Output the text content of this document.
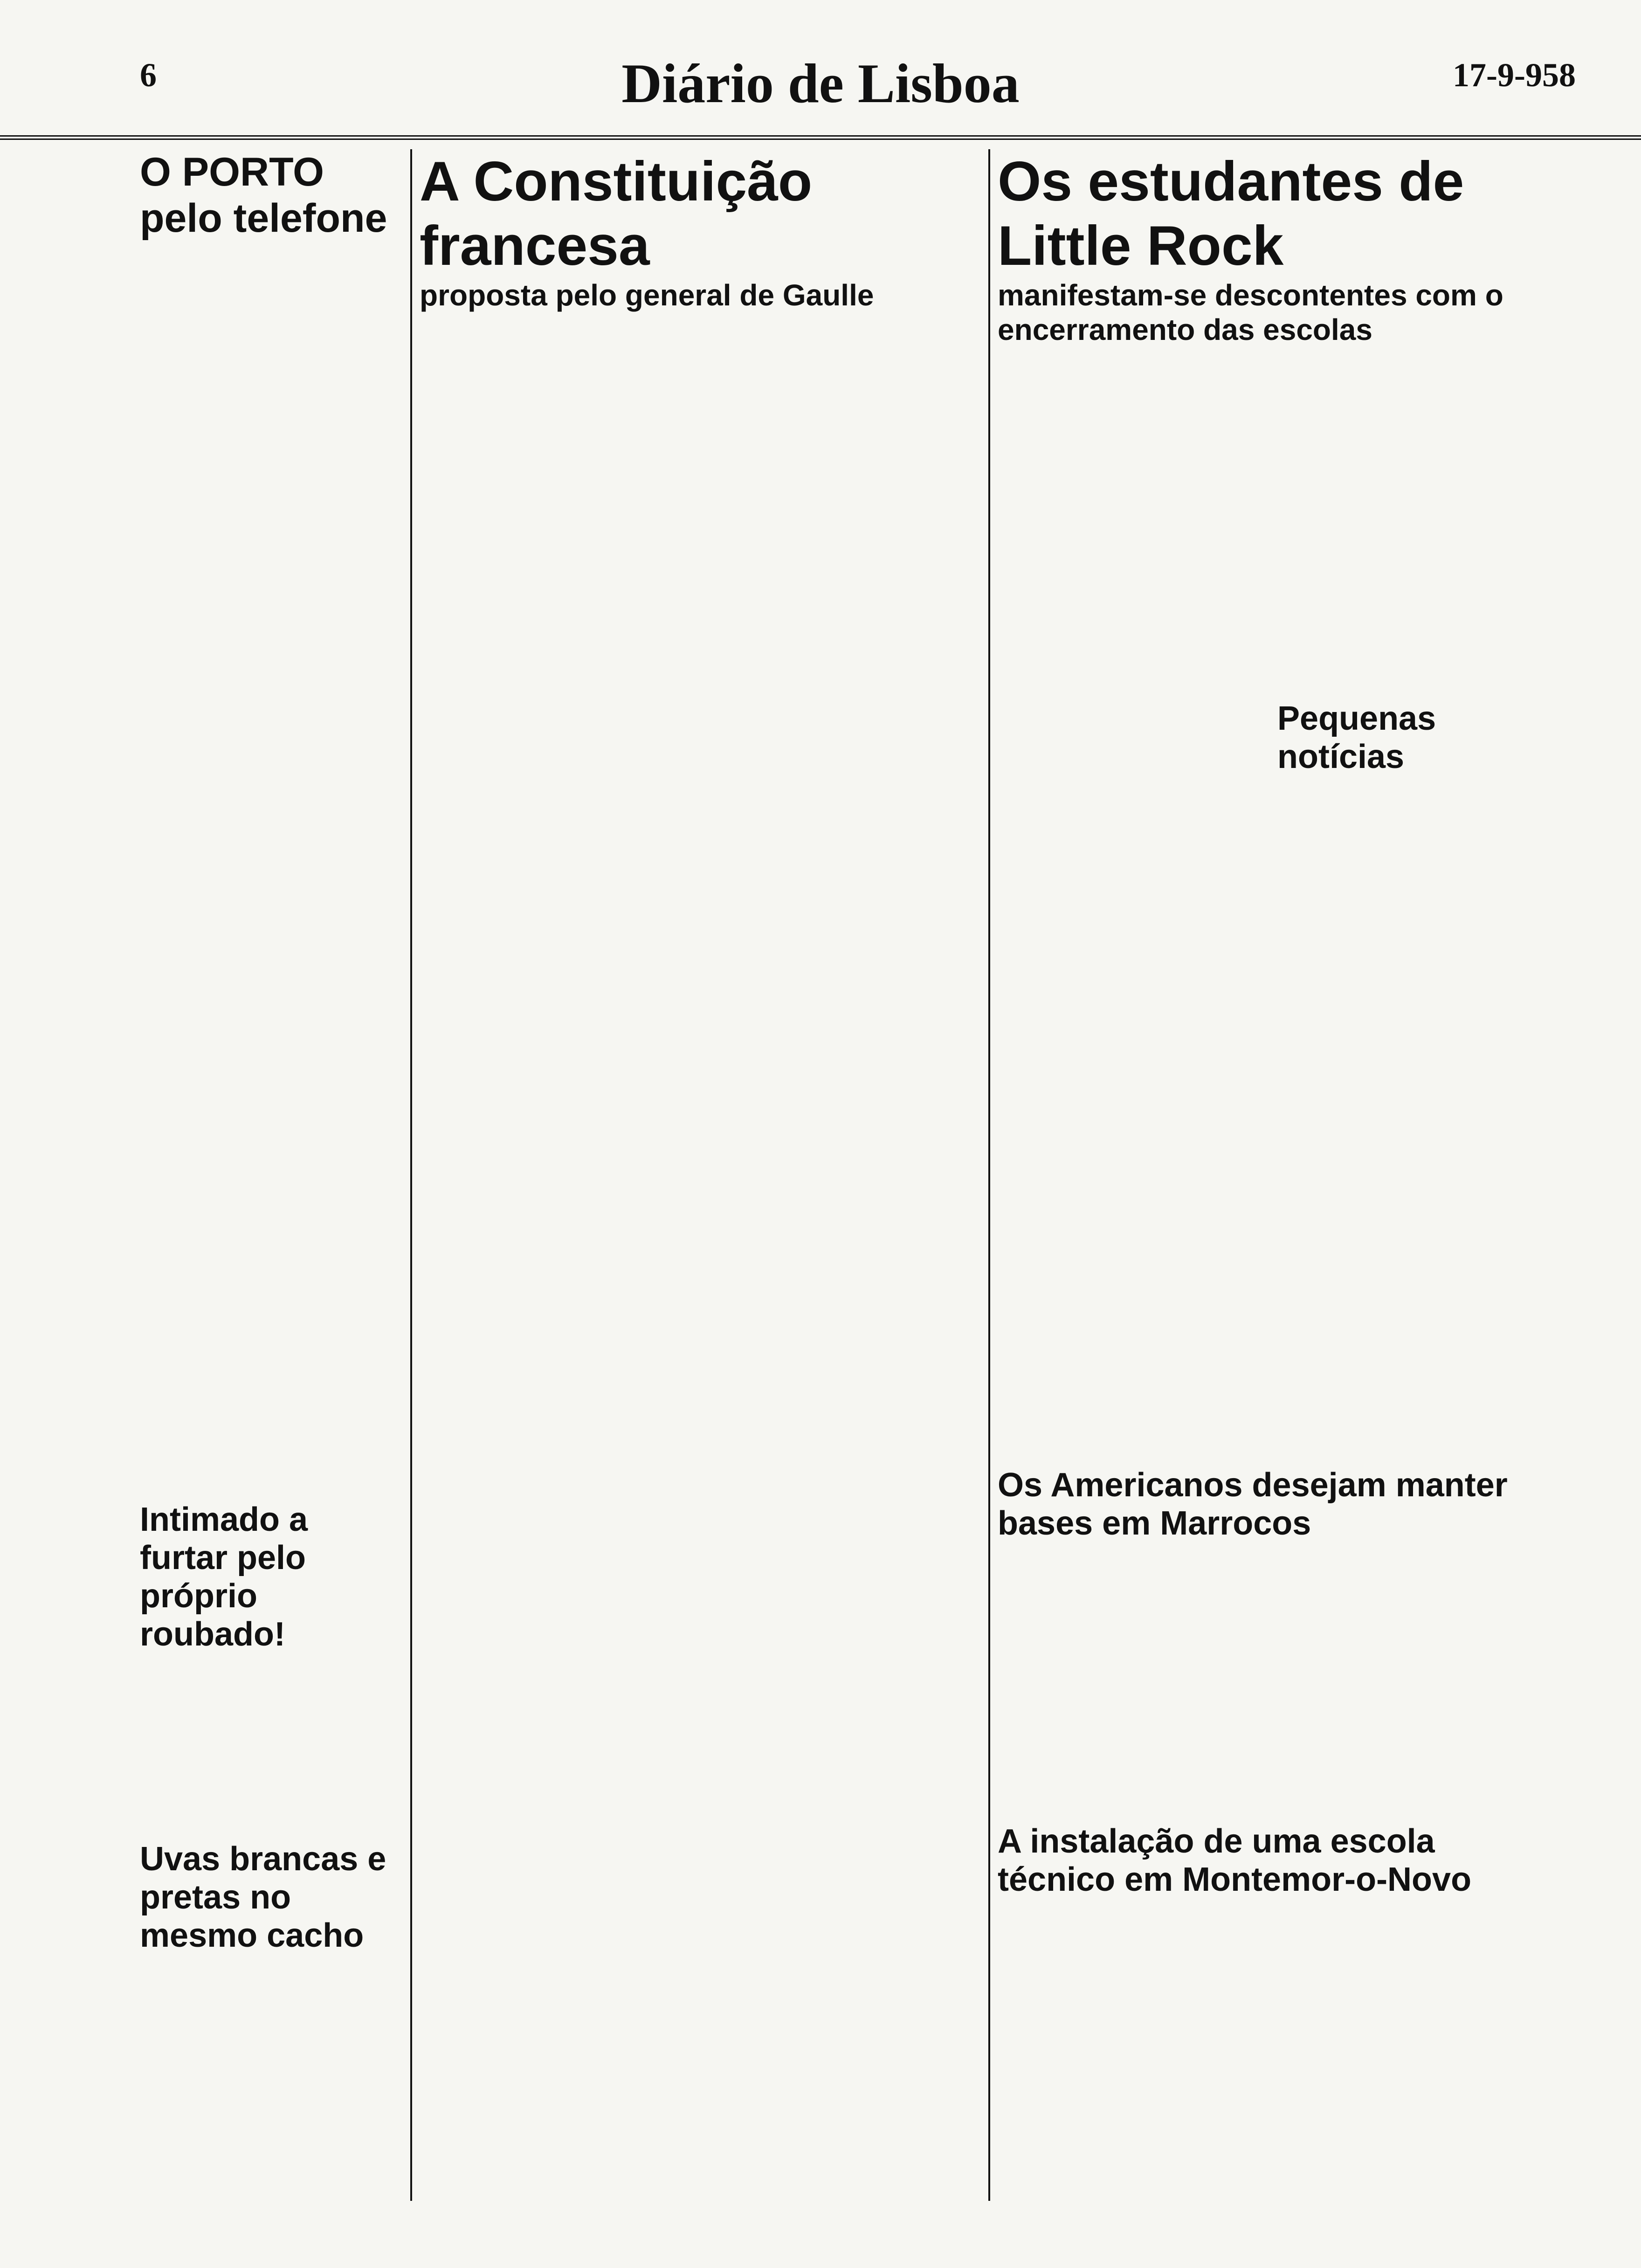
6	Diário de Lisboa	17-9-958
O PORTO pelo telefone
Intimado a furtar pelo próprio roubado!
Uvas brancas e pretas no mesmo cacho
A Constituição francesa
proposta pelo general de Gaulle
Os estudantes de Little Rock
manifestam-se descontentes com o encerramento das escolas
Os Americanos desejam manter bases em Marrocos
A instalação de uma escola técnico em Montemor-o-Novo
Pequenas notícias
